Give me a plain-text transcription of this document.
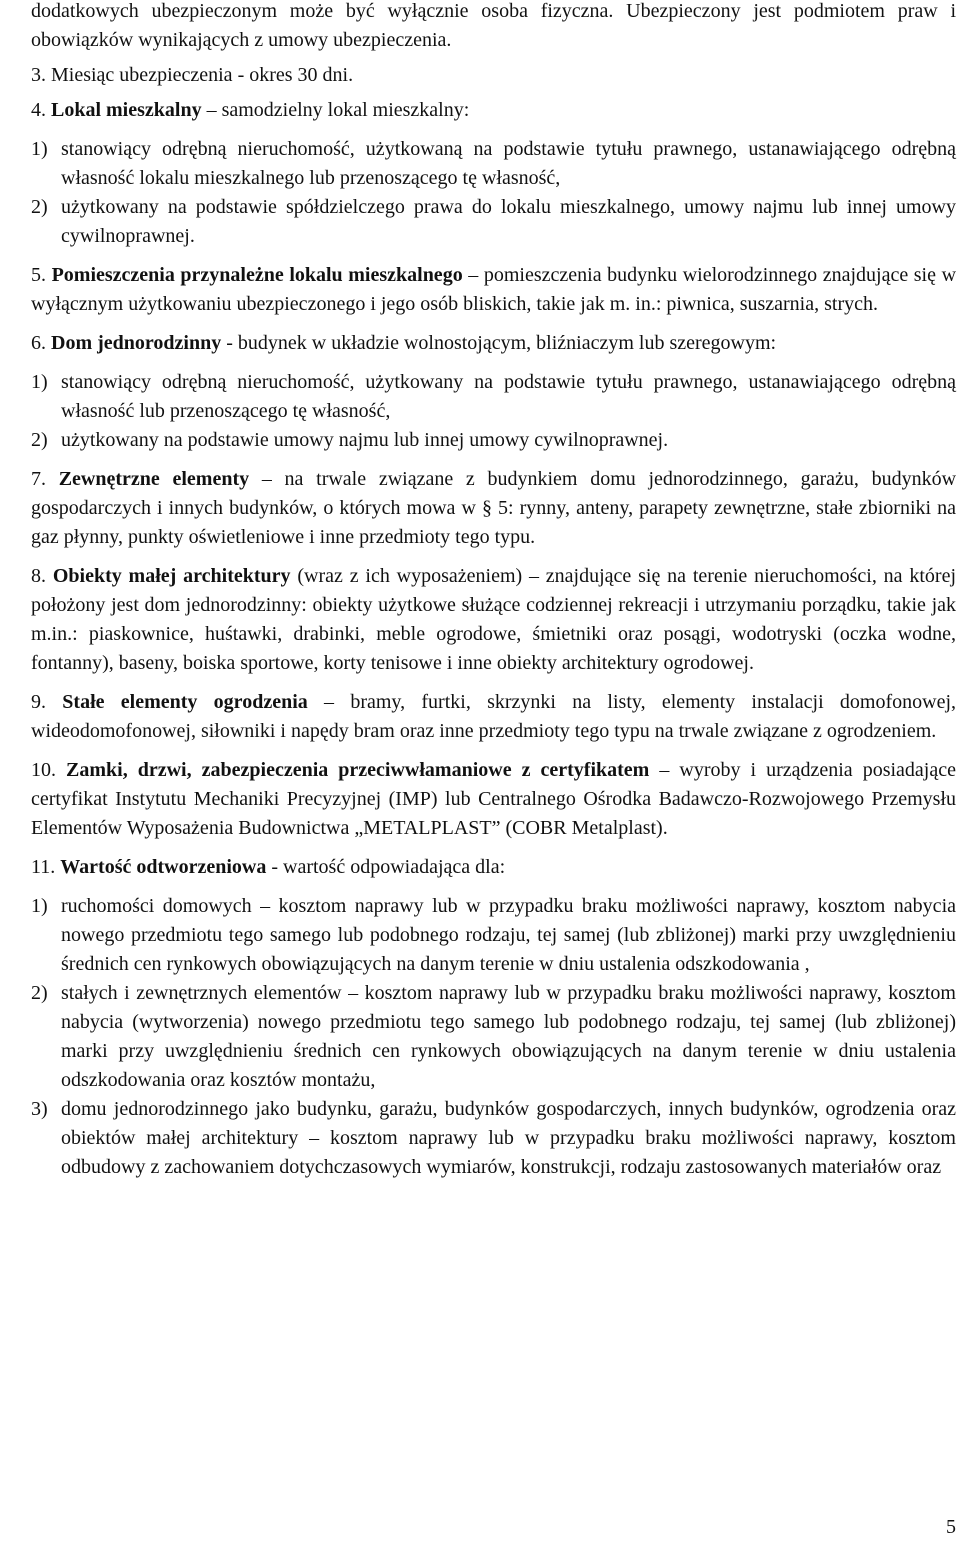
dodatkowych ubezpieczonym może być wyłącznie osoba fizyczna. Ubezpieczony jest podmiotem praw i obowiązków wynikających z umowy ubezpieczenia.

3. Miesiąc ubezpieczenia - okres 30 dni.

4. Lokal mieszkalny – samodzielny lokal mieszkalny:

1) stanowiący odrębną nieruchomość, użytkowaną na podstawie tytułu prawnego, ustanawiającego odrębną własność lokalu mieszkalnego lub przenoszącego tę własność,

2) użytkowany na podstawie spółdzielczego prawa do lokalu mieszkalnego, umowy najmu lub innej umowy cywilnoprawnej.

5. Pomieszczenia przynależne lokalu mieszkalnego – pomieszczenia budynku wielorodzinnego znajdujące się w wyłącznym użytkowaniu ubezpieczonego i jego osób bliskich, takie jak m. in.: piwnica, suszarnia, strych.

6. Dom jednorodzinny - budynek w układzie wolnostojącym, bliźniaczym lub szeregowym:

1) stanowiący odrębną nieruchomość, użytkowany na podstawie tytułu prawnego, ustanawiającego odrębną własność lub przenoszącego tę własność,

2) użytkowany na podstawie umowy najmu lub innej umowy cywilnoprawnej.

7. Zewnętrzne elementy – na trwale związane z budynkiem domu jednorodzinnego, garażu, budynków gospodarczych i innych budynków, o których mowa w § 5: rynny, anteny, parapety zewnętrzne, stałe zbiorniki na gaz płynny, punkty oświetleniowe i inne przedmioty tego typu.

8. Obiekty małej architektury (wraz z ich wyposażeniem) – znajdujące się na terenie nieruchomości, na której położony jest dom jednorodzinny: obiekty użytkowe służące codziennej rekreacji i utrzymaniu porządku, takie jak m.in.: piaskownice, huśtawki, drabinki, meble ogrodowe, śmietniki oraz posągi, wodotryski (oczka wodne, fontanny), baseny, boiska sportowe, korty tenisowe i inne obiekty architektury ogrodowej.

9. Stałe elementy ogrodzenia – bramy, furtki, skrzynki na listy, elementy instalacji domofonowej, wideodomofonowej, siłowniki i napędy bram oraz inne przedmioty tego typu na trwale związane z ogrodzeniem.

10. Zamki, drzwi, zabezpieczenia przeciwwłamaniowe z certyfikatem – wyroby i urządzenia posiadające certyfikat Instytutu Mechaniki Precyzyjnej (IMP) lub Centralnego Ośrodka Badawczo-Rozwojowego Przemysłu Elementów Wyposażenia Budownictwa „METALPLAST” (COBR Metalplast).

11. Wartość odtworzeniowa - wartość odpowiadająca dla:

1) ruchomości domowych – kosztom naprawy lub w przypadku braku możliwości naprawy, kosztom nabycia nowego przedmiotu tego samego lub podobnego rodzaju, tej samej (lub zbliżonej) marki przy uwzględnieniu średnich cen rynkowych obowiązujących na danym terenie w dniu ustalenia odszkodowania ,

2) stałych i zewnętrznych elementów – kosztom naprawy lub w przypadku braku możliwości naprawy, kosztom nabycia (wytworzenia) nowego przedmiotu tego samego lub podobnego rodzaju, tej samej (lub zbliżonej) marki przy uwzględnieniu średnich cen rynkowych obowiązujących na danym terenie w dniu ustalenia odszkodowania oraz kosztów montażu,

3) domu jednorodzinnego jako budynku, garażu, budynków gospodarczych, innych budynków, ogrodzenia oraz obiektów małej architektury – kosztom naprawy lub w przypadku braku możliwości naprawy, kosztom odbudowy z zachowaniem dotychczasowych wymiarów, konstrukcji, rodzaju zastosowanych materiałów oraz

5
